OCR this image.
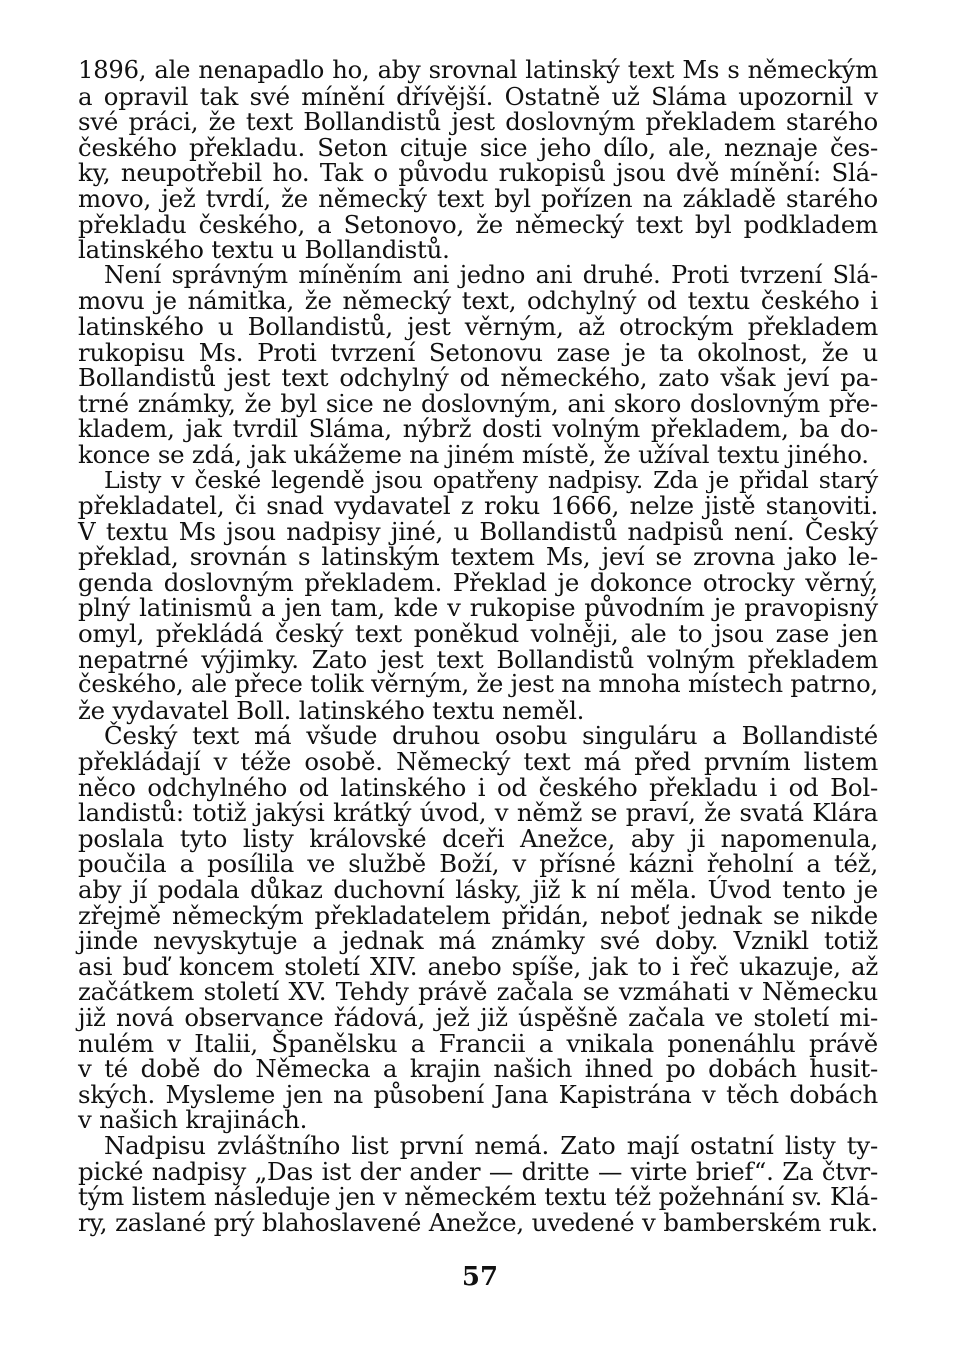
1896, ale nenapadlo ho, aby srovnal latinský text Ms s německým
a opravil tak své mínění dřívější. Ostatně už Sláma upozornil v
své práci, že text Bollandistů jest doslovným překladem starého
českého překladu. Seton cituje sice jeho dílo, ale, neznaje čes-
ky, neupotřebil ho. Tak o původu rukopisů jsou dvě mínění: Slá-
movo, jež tvrdí, že německý text byl pořízen na základě starého
překladu českého, a Setonovo, že německý text byl podkladem
latinského textu u Bollandistů.
Není správným míněním ani jedno ani druhé. Proti tvrzení Slá-
movu je námitka, že německý text, odchylný od textu českého i
latinského u Bollandistů, jest věrným, až otrockým překladem
rukopisu Ms. Proti tvrzení Setonovu zase je ta okolnost, že u
Bollandistů jest text odchylný od německého, zato však jeví pa-
trné známky, že byl sice ne doslovným, ani skoro doslovným pře-
kladem, jak tvrdil Sláma, nýbrž dosti volným překladem, ba do-
konce se zdá, jak ukážeme na jiném místě, že užíval textu jiného.
Listy v české legendě jsou opatřeny nadpisy. Zda je přidal starý
překladatel, či snad vydavatel z roku 1666, nelze jistě stanoviti.
V textu Ms jsou nadpisy jiné, u Bollandistů nadpisů není. Český
překlad, srovnán s latinským textem Ms, jeví se zrovna jako le-
genda doslovným překladem. Překlad je dokonce otrocky věrný,
plný latinismů a jen tam, kde v rukopise původním je pravopisný
omyl, překládá český text poněkud volněji, ale to jsou zase jen
nepatrné výjimky. Zato jest text Bollandistů volným překladem
českého, ale přece tolik věrným, že jest na mnoha místech patrno,
že vydavatel Boll. latinského textu neměl.
Český text má všude druhou osobu singuláru a Bollandisté
překládají v téže osobě. Německý text má před prvním listem
něco odchylného od latinského i od českého překladu i od Bol-
landistů: totiž jakýsi krátký úvod, v němž se praví, že svatá Klára
poslala tyto listy královské dceři Anežce, aby ji napomenula,
poučila a posílila ve službě Boží, v přísné kázni řeholní a též,
aby jí podala důkaz duchovní lásky, již k ní měla. Úvod tento je
zřejmě německým překladatelem přidán, neboť jednak se nikde
jinde nevyskytuje a jednak má známky své doby. Vznikl totiž
asi buď koncem století XIV. anebo spíše, jak to i řeč ukazuje, až
začátkem století XV. Tehdy právě začala se vzmáhati v Německu
již nová observance řádová, jež již úspěšně začala ve století mi-
nulém v Italii, Španělsku a Francii a vnikala ponenáhlu právě
v té době do Německa a krajin našich ihned po dobách husit-
ských. Mysleme jen na působení Jana Kapistrána v těch dobách
v našich krajinách.
Nadpisu zvláštního list první nemá. Zato mají ostatní listy ty-
pické nadpisy „Das ist der ander — dritte — virte brief“. Za čtvr-
tým listem následuje jen v německém textu též požehnání sv. Klá-
ry, zaslané prý blahoslavené Anežce, uvedené v bamberském ruk.
57
